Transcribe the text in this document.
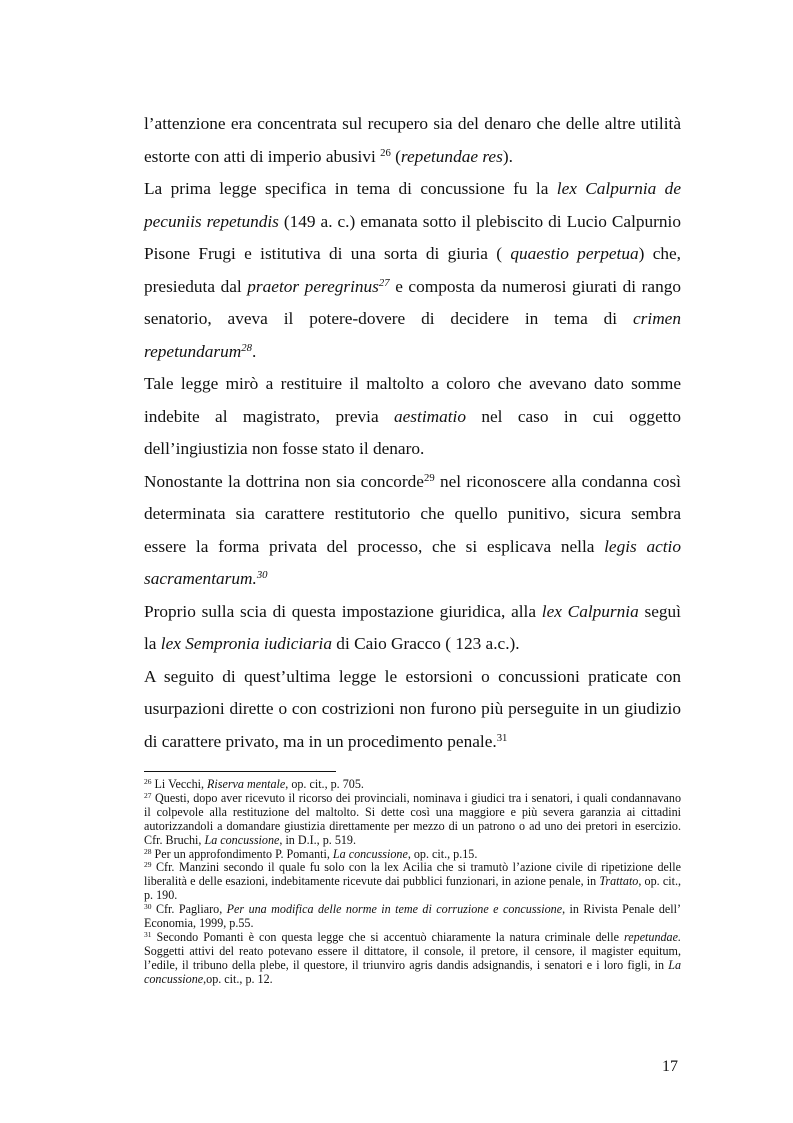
l’attenzione era concentrata sul recupero sia del denaro che delle altre utilità estorte con atti di imperio abusivi $^{26}$ (repetundae res).

La prima legge specifica in tema di concussione fu la lex Calpurnia de pecuniis repetundis (149 a. c.) emanata sotto il plebiscito di Lucio Calpurnio Pisone Frugi e istitutiva di una sorta di giuria ( quaestio perpetua) che, presieduta dal praetor peregrinus$^{27}$ e composta da numerosi giurati di rango senatorio, aveva il potere-dovere di decidere in tema di crimen repetundarum$^{28}$.

Tale legge mirò a restituire il maltolto a coloro che avevano dato somme indebite al magistrato, previa aestimatio nel caso in cui oggetto dell’ingiustizia non fosse stato il denaro.

Nonostante la dottrina non sia concorde$^{29}$ nel riconoscere alla condanna così determinata sia carattere restitutorio che quello punitivo, sicura sembra essere la forma privata del processo, che si esplicava nella legis actio sacramentarum.$^{30}$

Proprio sulla scia di questa impostazione giuridica, alla lex Calpurnia seguì la lex Sempronia iudiciaria di Caio Gracco ( 123 a.c.).

A seguito di quest’ultima legge le estorsioni o concussioni praticate con usurpazioni dirette o con costrizioni non furono più perseguite in un giudizio di carattere privato, ma in un procedimento penale.$^{31}$

$^{26}$ Li Vecchi, Riserva mentale, op. cit., p. 705.

$^{27}$ Questi, dopo aver ricevuto il ricorso dei provinciali, nominava i giudici tra i senatori, i quali condannavano il colpevole alla restituzione del maltolto. Si dette così una maggiore e più severa garanzia ai cittadini autorizzandoli a domandare giustizia direttamente per mezzo di un patrono o ad uno dei pretori in esercizio. Cfr. Bruchi, La concussione, in D.I., p. 519.

$^{28}$ Per un approfondimento P. Pomanti, La concussione, op. cit., p.15.

$^{29}$ Cfr. Manzini secondo il quale fu solo con la lex Acilia che si tramutò l’azione civile di ripetizione delle liberalità e delle esazioni, indebitamente ricevute dai pubblici funzionari, in azione penale, in Trattato, op. cit., p. 190.

$^{30}$ Cfr. Pagliaro, Per una modifica delle norme in teme di corruzione e concussione, in Rivista Penale dell’ Economia, 1999, p.55.

$^{31}$ Secondo Pomanti è con questa legge che si accentuò chiaramente la natura criminale delle repetundae. Soggetti attivi del reato potevano essere il dittatore, il console, il pretore, il censore, il magister equitum, l’edile, il tribuno della plebe, il questore, il triunviro agris dandis adsignandis, i senatori e i loro figli, in La concussione,op. cit., p. 12.

17
